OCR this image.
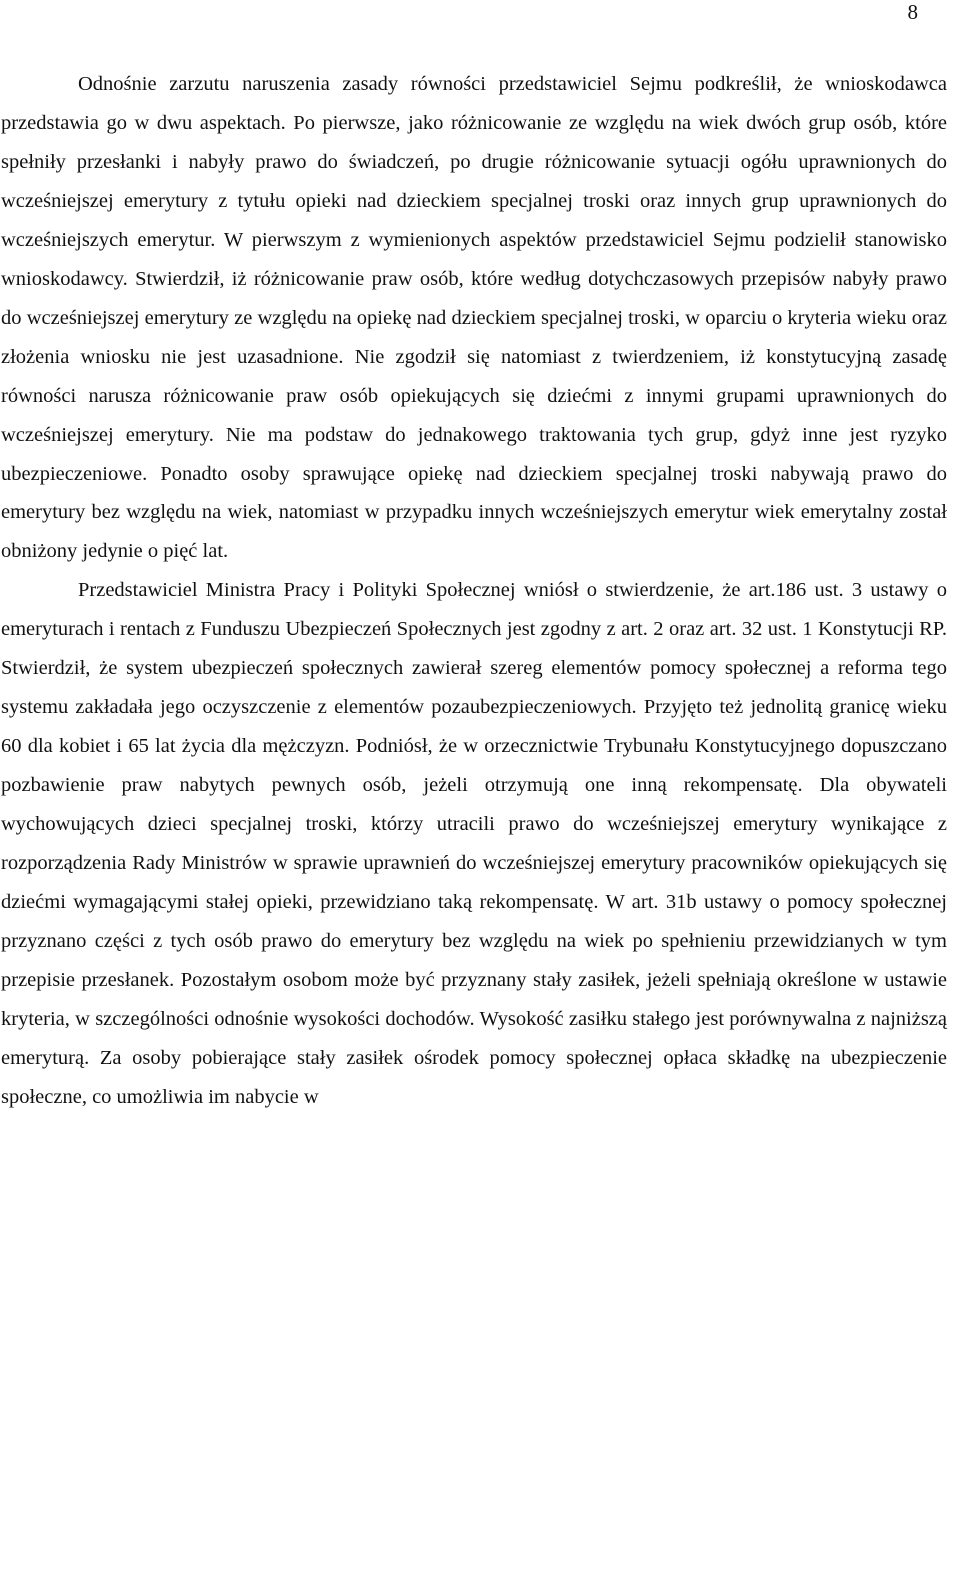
8

Odnośnie zarzutu naruszenia zasady równości przedstawiciel Sejmu podkreślił, że wnioskodawca przedstawia go w dwu aspektach. Po pierwsze, jako różnicowanie ze względu na wiek dwóch grup osób, które spełniły przesłanki i nabyły prawo do świadczeń, po drugie różnicowanie sytuacji ogółu uprawnionych do wcześniejszej emerytury z tytułu opieki nad dzieckiem specjalnej troski oraz innych grup uprawnionych do wcześniejszych emerytur. W pierwszym z wymienionych aspektów przedstawiciel Sejmu podzielił stanowisko wnioskodawcy. Stwierdził, iż różnicowanie praw osób, które według dotychczasowych przepisów nabyły prawo do wcześniejszej emerytury ze względu na opiekę nad dzieckiem specjalnej troski, w oparciu o kryteria wieku oraz złożenia wniosku nie jest uzasadnione. Nie zgodził się natomiast z twierdzeniem, iż konstytucyjną zasadę równości narusza różnicowanie praw osób opiekujących się dziećmi z innymi grupami uprawnionych do wcześniejszej emerytury. Nie ma podstaw do jednakowego traktowania tych grup, gdyż inne jest ryzyko ubezpieczeniowe. Ponadto osoby sprawujące opiekę nad dzieckiem specjalnej troski nabywają prawo do emerytury bez względu na wiek, natomiast w przypadku innych wcześniejszych emerytur wiek emerytalny został obniżony jedynie o pięć lat.

Przedstawiciel Ministra Pracy i Polityki Społecznej wniósł o stwierdzenie, że art.186 ust. 3 ustawy o emeryturach i rentach z Funduszu Ubezpieczeń Społecznych jest zgodny z art. 2 oraz art. 32 ust. 1 Konstytucji RP. Stwierdził, że system ubezpieczeń społecznych zawierał szereg elementów pomocy społecznej a reforma tego systemu zakładała jego oczyszczenie z elementów pozaubezpieczeniowych. Przyjęto też jednolitą granicę wieku 60 dla kobiet i 65 lat życia dla mężczyzn. Podniósł, że w orzecznictwie Trybunału Konstytucyjnego dopuszczano pozbawienie praw nabytych pewnych osób, jeżeli otrzymują one inną rekompensatę. Dla obywateli wychowujących dzieci specjalnej troski, którzy utracili prawo do wcześniejszej emerytury wynikające z rozporządzenia Rady Ministrów w sprawie uprawnień do wcześniejszej emerytury pracowników opiekujących się dziećmi wymagającymi stałej opieki, przewidziano taką rekompensatę. W art. 31b ustawy o pomocy społecznej przyznano części z tych osób prawo do emerytury bez względu na wiek po spełnieniu przewidzianych w tym przepisie przesłanek. Pozostałym osobom może być przyznany stały zasiłek, jeżeli spełniają określone w ustawie kryteria, w szczególności odnośnie wysokości dochodów. Wysokość zasiłku stałego jest porównywalna z najniższą emeryturą. Za osoby pobierające stały zasiłek ośrodek pomocy społecznej opłaca składkę na ubezpieczenie społeczne, co umożliwia im nabycie w
